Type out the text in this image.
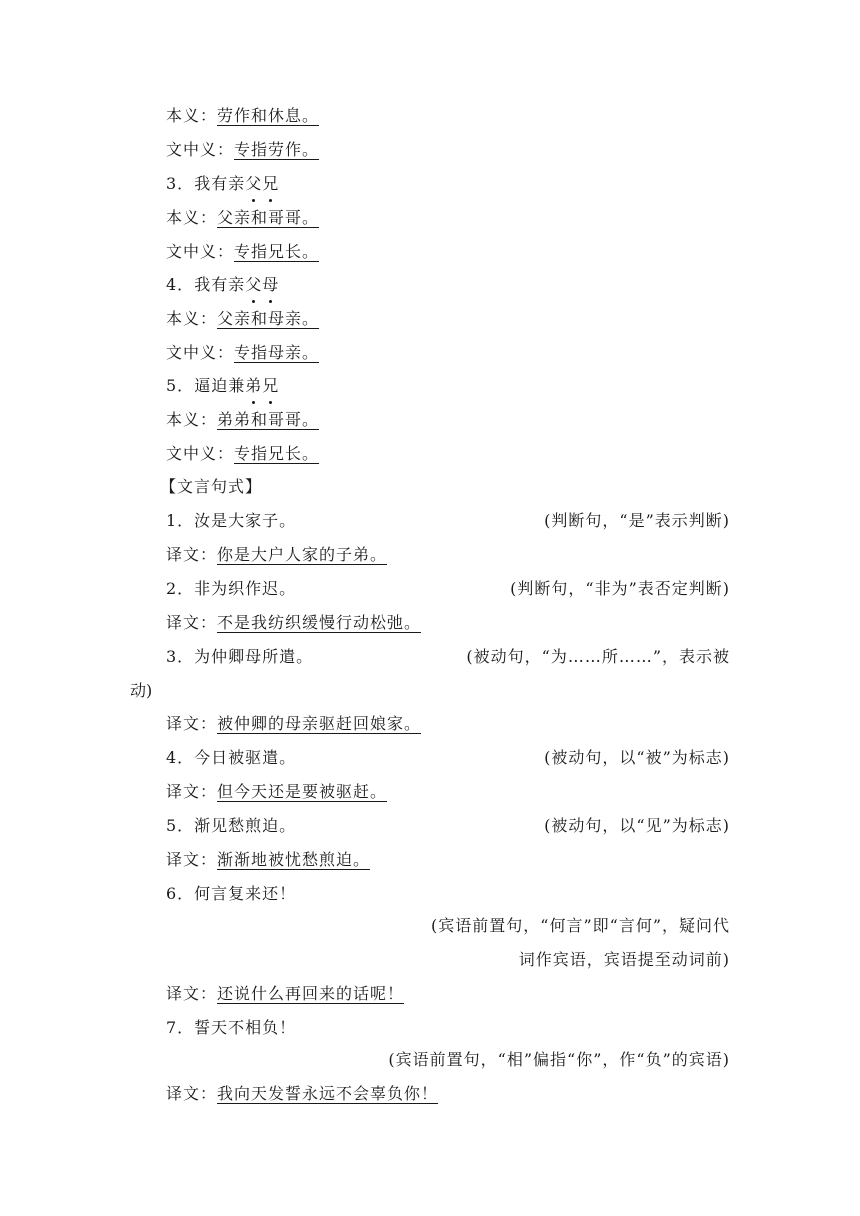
本义：劳作和休息。
文中义：专指劳作。
3．我有亲父兄
本义：父亲和哥哥。
文中义：专指兄长。
4．我有亲父母
本义：父亲和母亲。
文中义：专指母亲。
5．逼迫兼弟兄
本义：弟弟和哥哥。
文中义：专指兄长。
【文言句式】
1．汝是大家子。	(判断句，“是”表示判断)
译文：你是大户人家的子弟。
2．非为织作迟。	(判断句，“非为”表否定判断)
译文：不是我纺织缓慢行动松弛。
3．为仲卿母所遣。	(被动句，“为……所……”，表示被
动)
译文：被仲卿的母亲驱赶回娘家。
4．今日被驱遣。	(被动句，以“被”为标志)
译文：但今天还是要被驱赶。
5．渐见愁煎迫。	(被动句，以“见”为标志)
译文：渐渐地被忧愁煎迫。
6．何言复来还！
(宾语前置句，“何言”即“言何”，疑问代
词作宾语，宾语提至动词前)
译文：还说什么再回来的话呢！
7．誓天不相负！
(宾语前置句，“相”偏指“你”，作“负”的宾语)
译文：我向天发誓永远不会辜负你！
